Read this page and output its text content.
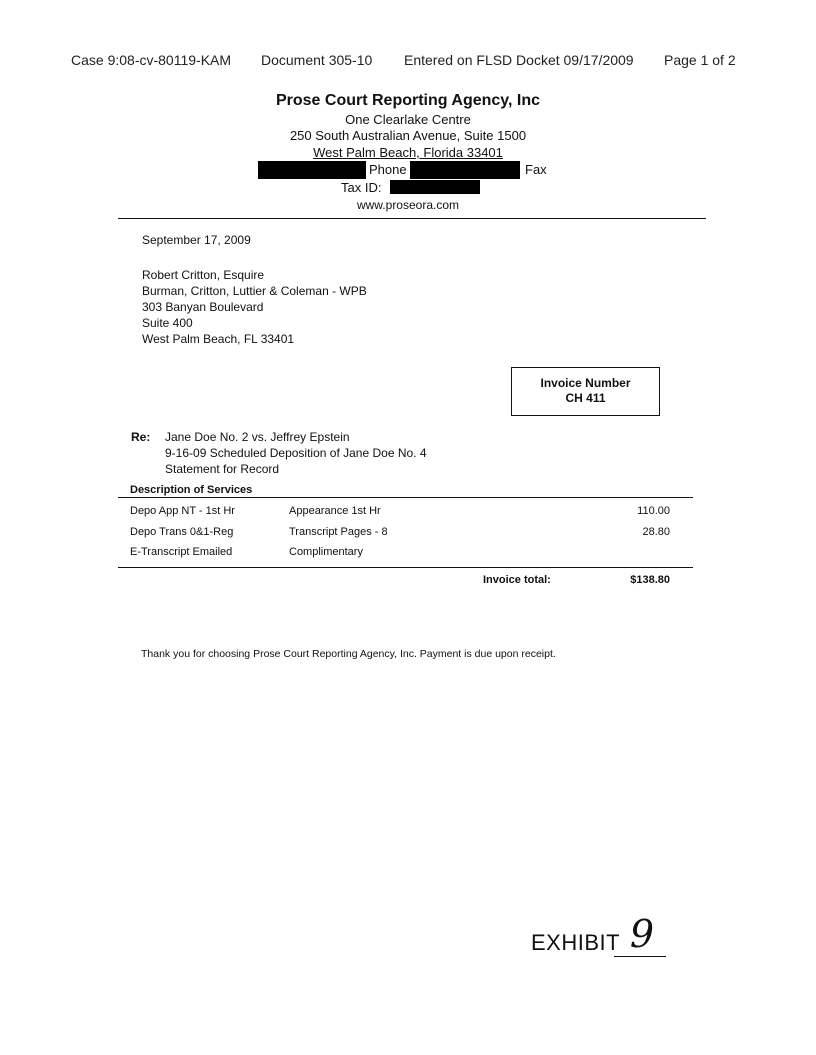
Case 9:08-cv-80119-KAM Document 305-10 Entered on FLSD Docket 09/17/2009 Page 1 of 2
Prose Court Reporting Agency, Inc
One Clearlake Centre
250 South Australian Avenue, Suite 1500
West Palm Beach, Florida 33401
Phone	Fax
Tax ID:
www.proseora.com
September 17, 2009
Robert Critton, Esquire
Burman, Critton, Luttier & Coleman - WPB
303 Banyan Boulevard
Suite 400
West Palm Beach, FL 33401
Invoice Number
CH 411
Re: Jane Doe No. 2 vs. Jeffrey Epstein
9-16-09 Scheduled Deposition of Jane Doe No. 4
Statement for Record
Description of Services
Depo App NT - 1st Hr	Appearance 1st Hr	110.00
Depo Trans 0&1-Reg	Transcript Pages - 8	28.80
E-Transcript Emailed	Complimentary
Invoice total:	$138.80
Thank you for choosing Prose Court Reporting Agency, Inc. Payment is due upon receipt.
EXHIBIT 9
